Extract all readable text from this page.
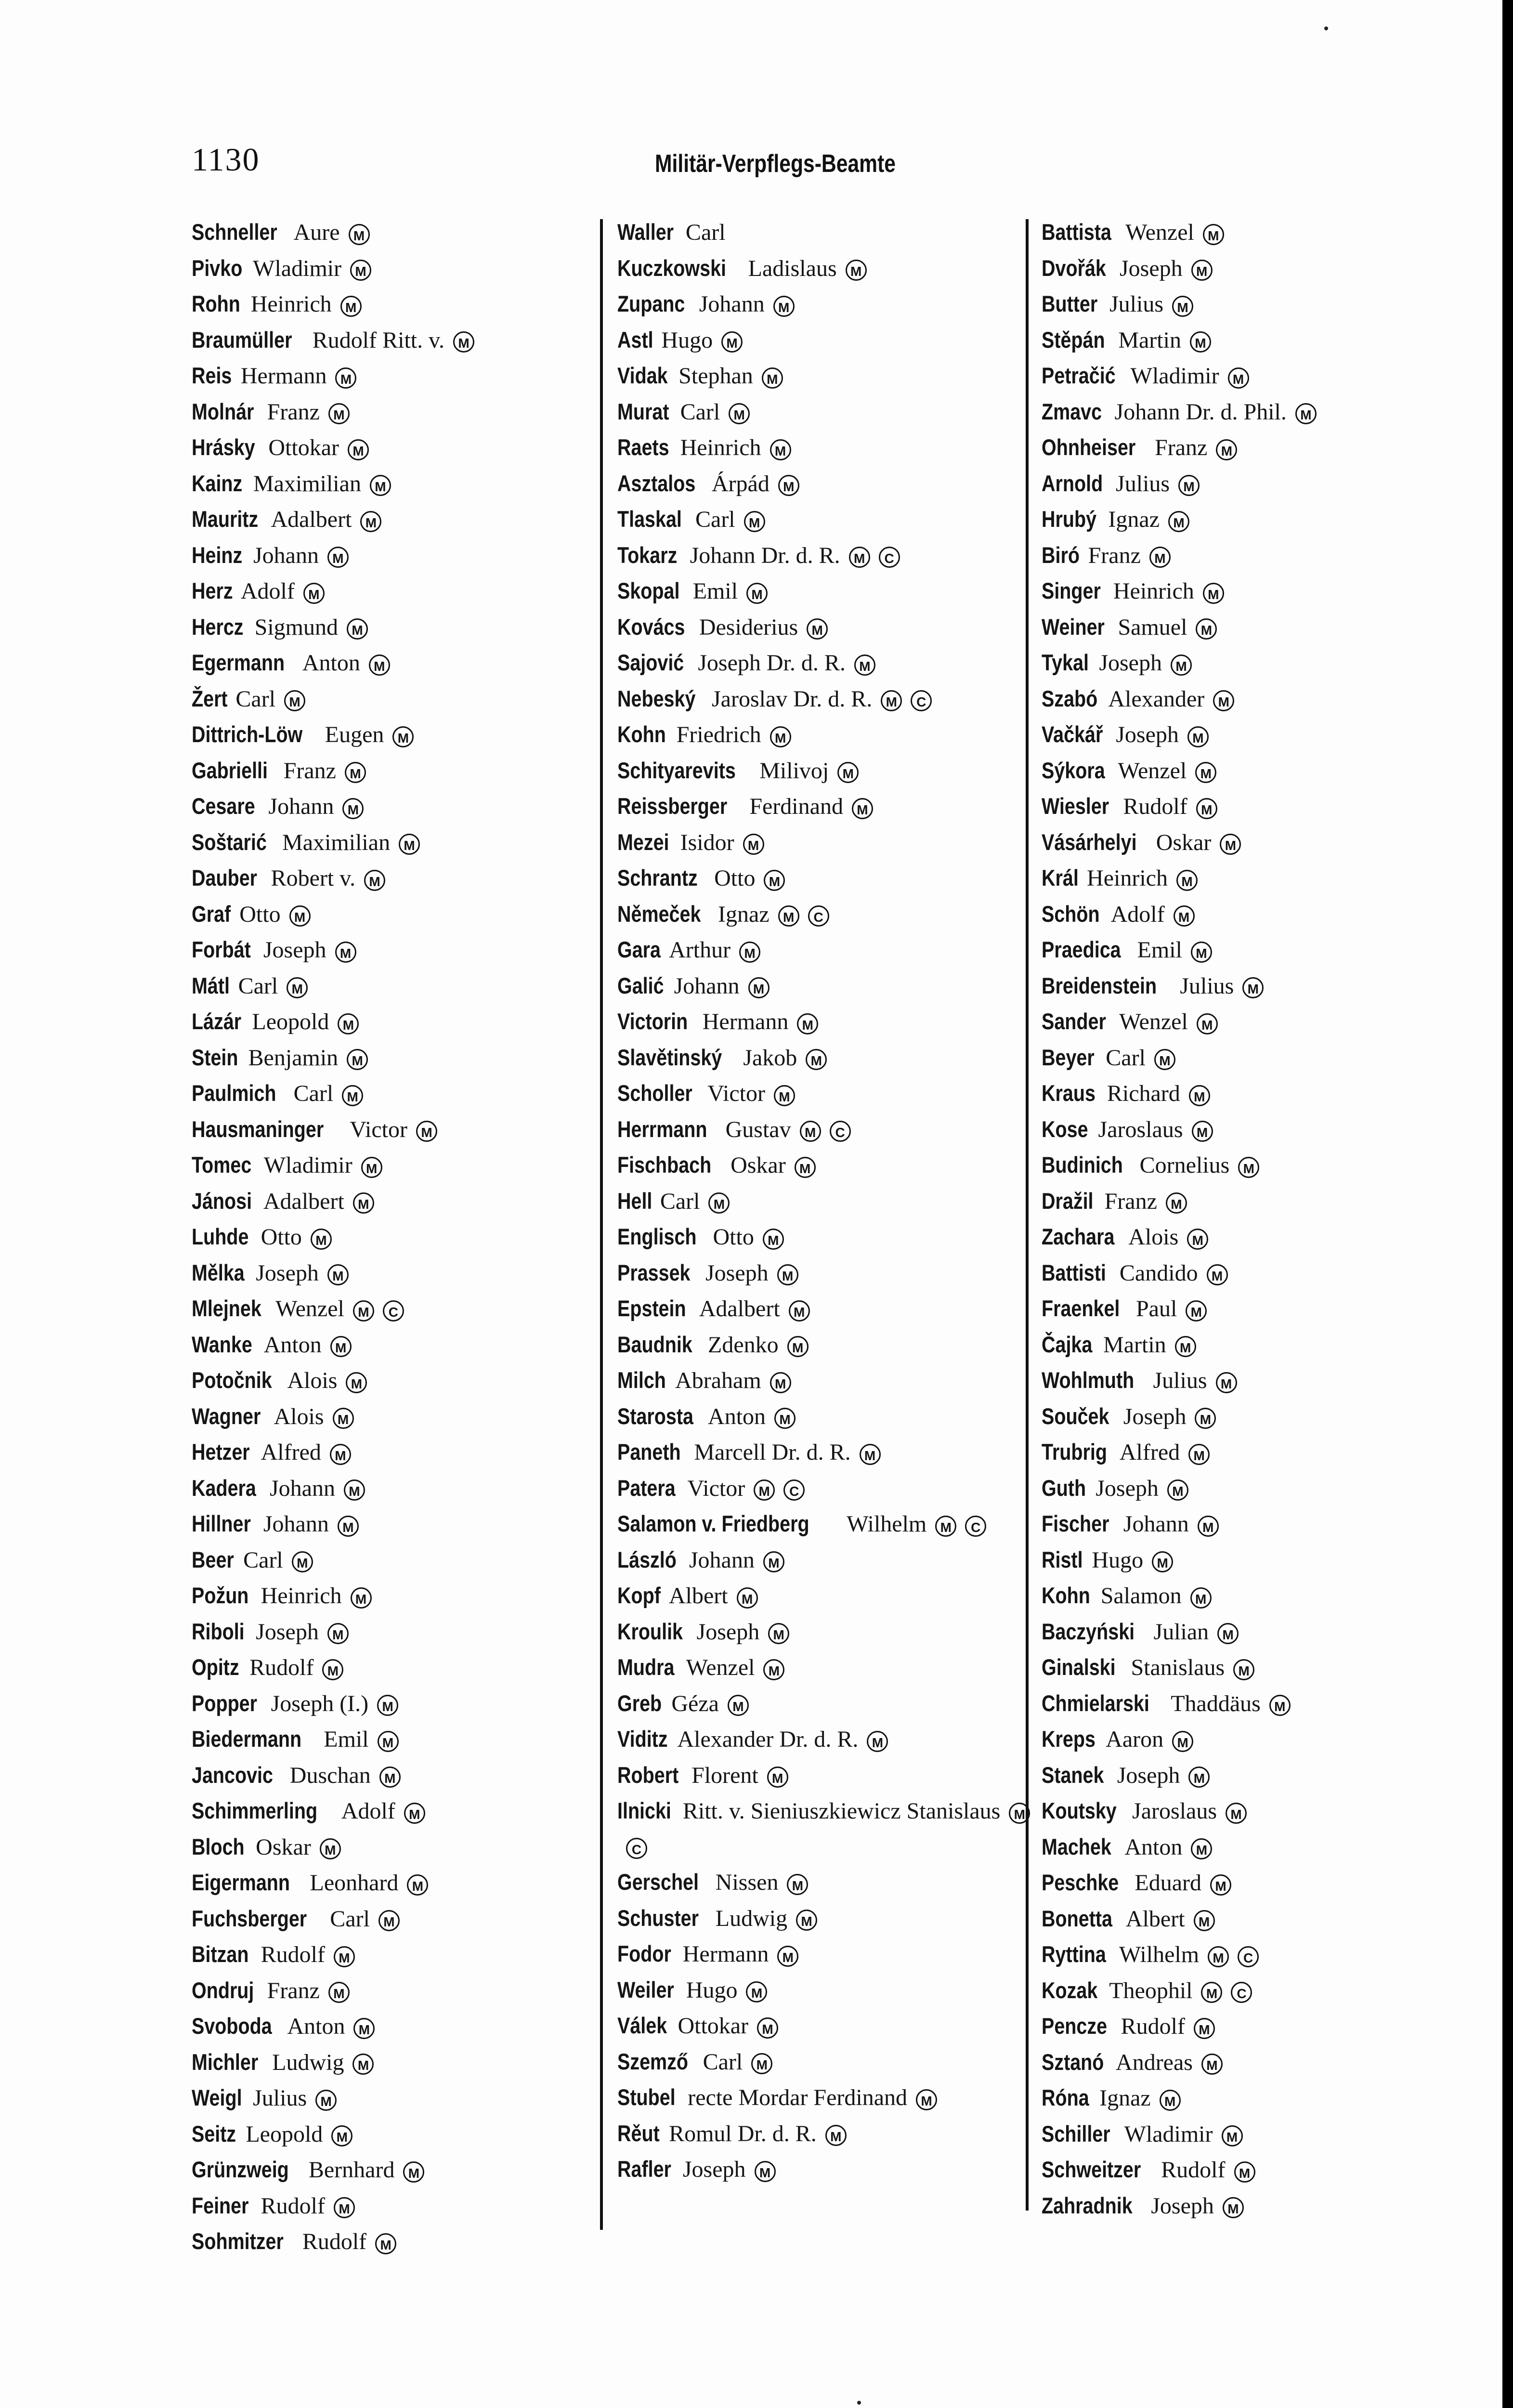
1130	Militär-Verpflegs-Beamte
Schneller Aure M
Pivko Wladimir M
Rohn Heinrich M
Braumüller Rudolf Ritt. v. M
Reis Hermann M
Molnár Franz M
Hrásky Ottokar M
Kainz Maximilian M
Mauritz Adalbert M
Heinz Johann M
Herz Adolf M
Hercz Sigmund M
Egermann Anton M
Žert Carl M
Dittrich-Löw Eugen M
Gabrielli Franz M
Cesare Johann M
Soštarić Maximilian M
Dauber Robert v. M
Graf Otto M
Forbát Joseph M
Mátl Carl M
Lázár Leopold M
Stein Benjamin M
Paulmich Carl M
Hausmaninger Victor M
Tomec Wladimir M
Jánosi Adalbert M
Luhde Otto M
Mělka Joseph M
Mlejnek Wenzel M C
Wanke Anton M
Potočnik Alois M
Wagner Alois M
Hetzer Alfred M
Kadera Johann M
Hillner Johann M
Beer Carl M
Požun Heinrich M
Riboli Joseph M
Opitz Rudolf M
Popper Joseph (I.) M
Biedermann Emil M
Jancovic Duschan M
Schimmerling Adolf M
Bloch Oskar M
Eigermann Leonhard M
Fuchsberger Carl M
Bitzan Rudolf M
Ondruj Franz M
Svoboda Anton M
Michler Ludwig M
Weigl Julius M
Seitz Leopold M
Grünzweig Bernhard M
Feiner Rudolf M
Sohmitzer Rudolf M
Waller Carl
Kuczkowski Ladislaus M
Zupanc Johann M
Astl Hugo M
Vidak Stephan M
Murat Carl M
Raets Heinrich M
Asztalos Árpád M
Tlaskal Carl M
Tokarz Johann Dr. d. R. M C
Skopal Emil M
Kovács Desiderius M
Sajović Joseph Dr. d. R. M
Nebeský Jaroslav Dr. d. R. M C
Kohn Friedrich M
Schityarevits Milivoj M
Reissberger Ferdinand M
Mezei Isidor M
Schrantz Otto M
Němeček Ignaz M C
Gara Arthur M
Galić Johann M
Victorin Hermann M
Slavětinský Jakob M
Scholler Victor M
Herrmann Gustav M C
Fischbach Oskar M
Hell Carl M
Englisch Otto M
Prassek Joseph M
Epstein Adalbert M
Baudnik Zdenko M
Milch Abraham M
Starosta Anton M
Paneth Marcell Dr. d. R. M
Patera Victor M C
Salamon v. Friedberg Wilhelm M C
László Johann M
Kopf Albert M
Kroulik Joseph M
Mudra Wenzel M
Greb Géza M
Viditz Alexander Dr. d. R. M
Robert Florent M
Ilnicki Ritt. v. Sieniuszkiewicz Stanislaus MC
Gerschel Nissen M
Schuster Ludwig M
Fodor Hermann M
Weiler Hugo M
Válek Ottokar M
Szemző Carl M
Stubel recte Mordar Ferdinand M
Rěut Romul Dr. d. R. M
Rafler Joseph M
Battista Wenzel M
Dvořák Joseph M
Butter Julius M
Stěpán Martin M
Petračić Wladimir M
Zmavc Johann Dr. d. Phil. M
Ohnheiser Franz M
Arnold Julius M
Hrubý Ignaz M
Biró Franz M
Singer Heinrich M
Weiner Samuel M
Tykal Joseph M
Szabó Alexander M
Vačkář Joseph M
Sýkora Wenzel M
Wiesler Rudolf M
Vásárhelyi Oskar M
Král Heinrich M
Schön Adolf M
Praedica Emil M
Breidenstein Julius M
Sander Wenzel M
Beyer Carl M
Kraus Richard M
Kose Jaroslaus M
Budinich Cornelius M
Dražil Franz M
Zachara Alois M
Battisti Candido M
Fraenkel Paul M
Čajka Martin M
Wohlmuth Julius M
Souček Joseph M
Trubrig Alfred M
Guth Joseph M
Fischer Johann M
Ristl Hugo M
Kohn Salamon M
Baczyński Julian M
Ginalski Stanislaus M
Chmielarski Thaddäus M
Kreps Aaron M
Stanek Joseph M
Koutsky Jaroslaus M
Machek Anton M
Peschke Eduard M
Bonetta Albert M
Ryttina Wilhelm M C
Kozak Theophil M C
Pencze Rudolf M
Sztanó Andreas M
Róna Ignaz M
Schiller Wladimir M
Schweitzer Rudolf M
Zahradnik Joseph M
